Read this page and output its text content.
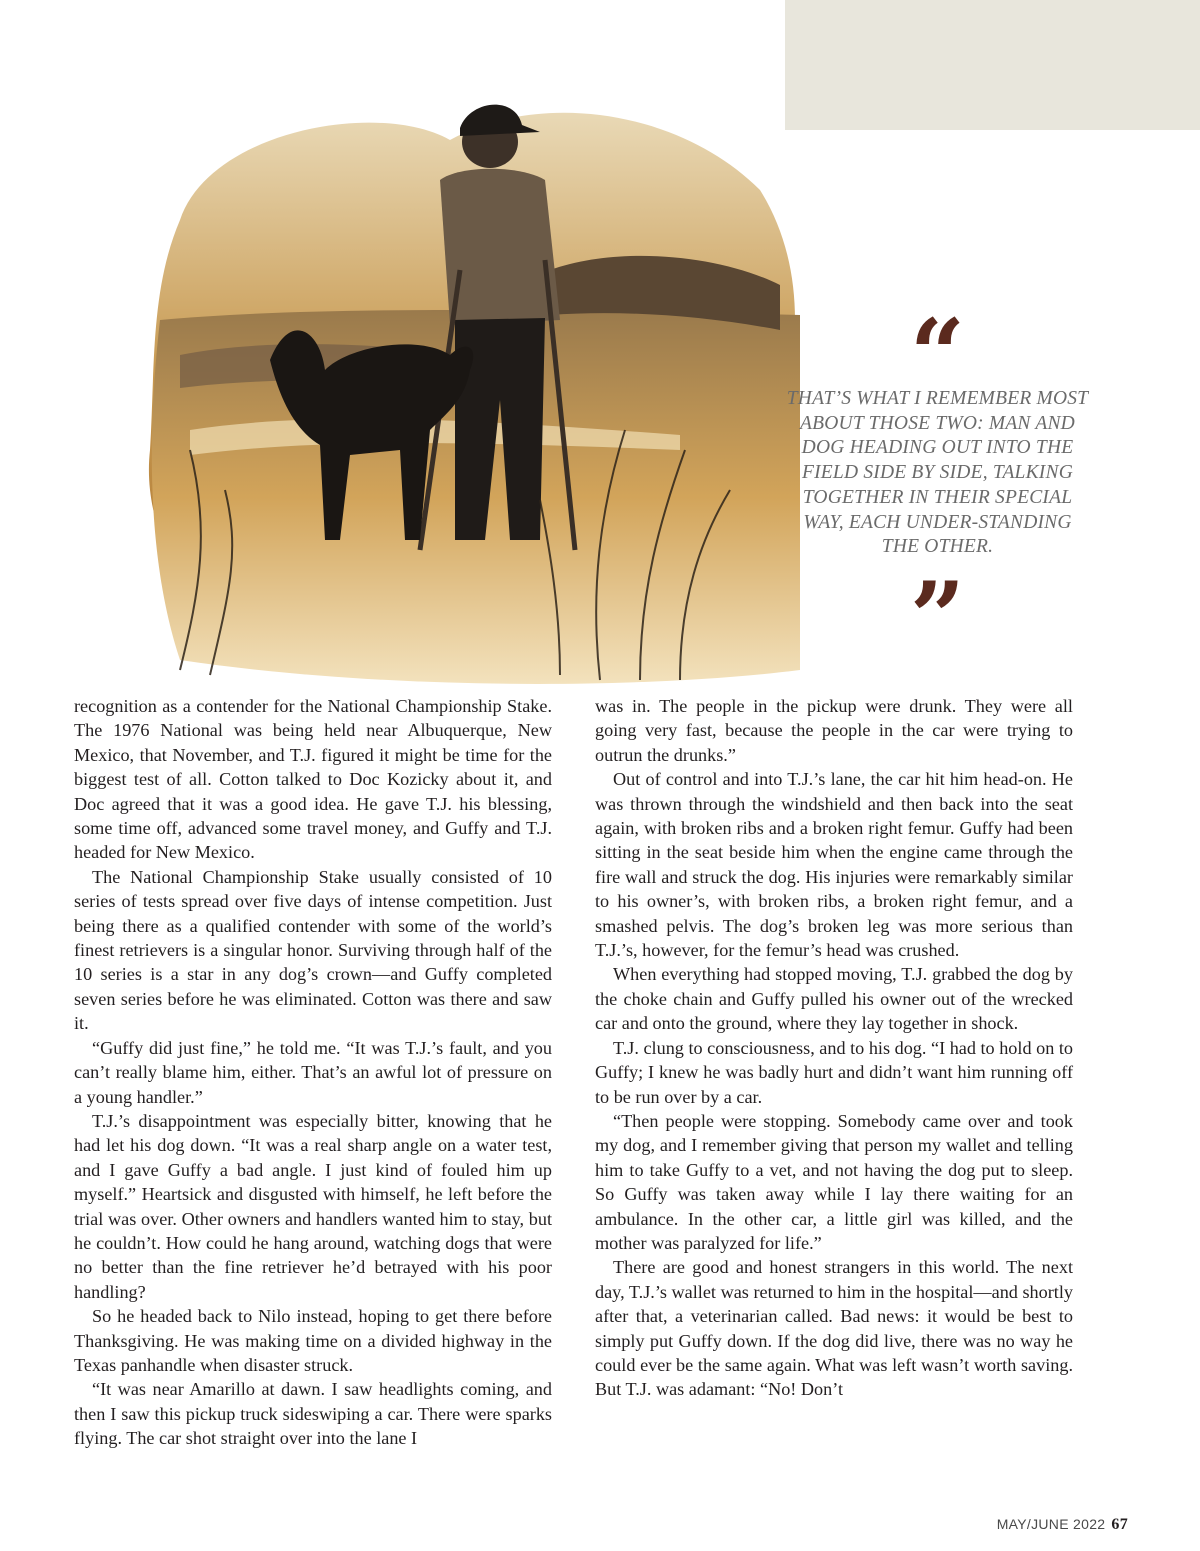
“
THAT’S WHAT I REMEMBER MOST ABOUT THOSE TWO: MAN AND DOG HEADING OUT INTO THE FIELD SIDE BY SIDE, TALKING TOGETHER IN THEIR SPECIAL WAY, EACH UNDER-STANDING THE OTHER.
”

recognition as a contender for the National Championship Stake. The 1976 National was being held near Albuquerque, New Mexico, that November, and T.J. figured it might be time for the biggest test of all. Cotton talked to Doc Kozicky about it, and Doc agreed that it was a good idea. He gave T.J. his blessing, some time off, advanced some travel money, and Guffy and T.J. headed for New Mexico.

The National Championship Stake usually consisted of 10 series of tests spread over five days of intense competition. Just being there as a qualified contender with some of the world’s finest retrievers is a singular honor. Surviving through half of the 10 series is a star in any dog’s crown—and Guffy completed seven series before he was eliminated. Cotton was there and saw it.

“Guffy did just fine,” he told me. “It was T.J.’s fault, and you can’t really blame him, either. That’s an awful lot of pressure on a young handler.”

T.J.’s disappointment was especially bitter, knowing that he had let his dog down. “It was a real sharp angle on a water test, and I gave Guffy a bad angle. I just kind of fouled him up myself.” Heartsick and disgusted with himself, he left before the trial was over. Other owners and handlers wanted him to stay, but he couldn’t. How could he hang around, watching dogs that were no better than the fine retriever he’d betrayed with his poor handling?

So he headed back to Nilo instead, hoping to get there before Thanksgiving. He was making time on a divided highway in the Texas panhandle when disaster struck.

“It was near Amarillo at dawn. I saw headlights coming, and then I saw this pickup truck sideswiping a car. There were sparks flying. The car shot straight over into the lane I

was in. The people in the pickup were drunk. They were all going very fast, because the people in the car were trying to outrun the drunks.”

Out of control and into T.J.’s lane, the car hit him head-on. He was thrown through the windshield and then back into the seat again, with broken ribs and a broken right femur. Guffy had been sitting in the seat beside him when the engine came through the fire wall and struck the dog. His injuries were remarkably similar to his owner’s, with broken ribs, a broken right femur, and a smashed pelvis. The dog’s broken leg was more serious than T.J.’s, however, for the femur’s head was crushed.

When everything had stopped moving, T.J. grabbed the dog by the choke chain and Guffy pulled his owner out of the wrecked car and onto the ground, where they lay together in shock.

T.J. clung to consciousness, and to his dog. “I had to hold on to Guffy; I knew he was badly hurt and didn’t want him running off to be run over by a car.

“Then people were stopping. Somebody came over and took my dog, and I remember giving that person my wallet and telling him to take Guffy to a vet, and not having the dog put to sleep. So Guffy was taken away while I lay there waiting for an ambulance. In the other car, a little girl was killed, and the mother was paralyzed for life.”

There are good and honest strangers in this world. The next day, T.J.’s wallet was returned to him in the hospital—and shortly after that, a veterinarian called. Bad news: it would be best to simply put Guffy down. If the dog did live, there was no way he could ever be the same again. What was left wasn’t worth saving. But T.J. was adamant: “No! Don’t

MAY/JUNE 2022 67
